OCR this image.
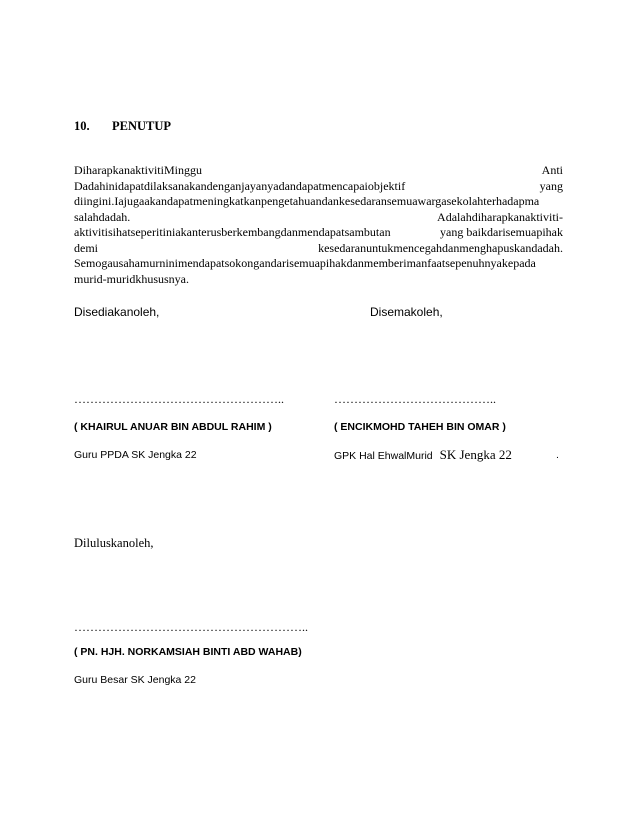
10. PENUTUP
DiharapkanaktivitiMinggu	Anti
Dadahinidapatdilaksanakandenganjayanyadandapatmencapaiobjektif	yang
diingini.Iajugaakandapatmeningkatkanpengetahuandankesedaransemuawargasekolahterhadapma
salahdadah.	Adalahdiharapkanaktiviti-
aktivitisihatseperitiniakanterusberkembangdanmendapatsambutan	yang baikdarisemuapihak
demi	kesedaranuntukmencegahdanmenghapuskandadah.
Semogausahamurninimendapatsokongandarisemuapihakdanmemberimanfaatsepenuhnyakepada
murid-muridkhususnya.
Disediakanoleh,
……………………………………………..
( KHAIRUL ANUAR BIN ABDUL RAHIM )
Guru PPDA SK Jengka 22
Disemakoleh,
…………………………………..
( ENCIKMOHD TAHEH BIN OMAR )
GPK Hal EhwalMurid SK Jengka 22	.
Diluluskanoleh,
…………………………………………………..
( PN. HJH. NORKAMSIAH BINTI ABD WAHAB)
Guru Besar SK Jengka 22
